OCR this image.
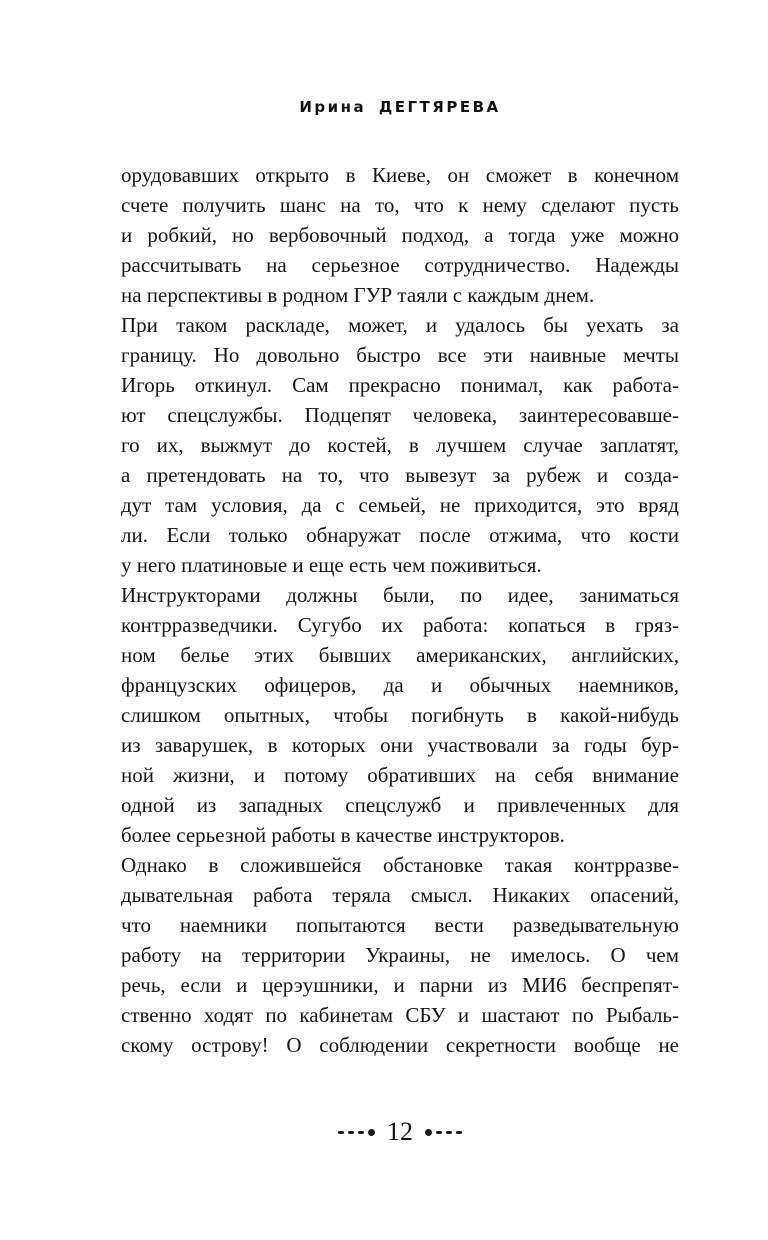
Ирина ДЕГТЯРЕВА
орудовавших открыто в Киеве, он сможет в конечном
счете получить шанс на то, что к нему сделают пусть
и робкий, но вербовочный подход, а тогда уже можно
рассчитывать на серьезное сотрудничество. Надежды
на перспективы в родном ГУР таяли с каждым днем.
При таком раскладе, может, и удалось бы уехать за
границу. Но довольно быстро все эти наивные мечты
Игорь откинул. Сам прекрасно понимал, как работа-
ют спецслужбы. Подцепят человека, заинтересовавше-
го их, выжмут до костей, в лучшем случае заплатят,
а претендовать на то, что вывезут за рубеж и созда-
дут там условия, да с семьей, не приходится, это вряд
ли. Если только обнаружат после отжима, что кости
у него платиновые и еще есть чем поживиться.
Инструкторами должны были, по идее, заниматься
контрразведчики. Сугубо их работа: копаться в гряз-
ном белье этих бывших американских, английских,
французских офицеров, да и обычных наемников,
слишком опытных, чтобы погибнуть в какой-нибудь
из заварушек, в которых они участвовали за годы бур-
ной жизни, и потому обративших на себя внимание
одной из западных спецслужб и привлеченных для
более серьезной работы в качестве инструкторов.
Однако в сложившейся обстановке такая контрразве-
дывательная работа теряла смысл. Никаких опасений,
что наемники попытаются вести разведывательную
работу на территории Украины, не имелось. О чем
речь, если и церэушники, и парни из МИ6 беспрепят-
ственно ходят по кабинетам СБУ и шастают по Рыбаль-
скому острову! О соблюдении секретности вообще не
12
